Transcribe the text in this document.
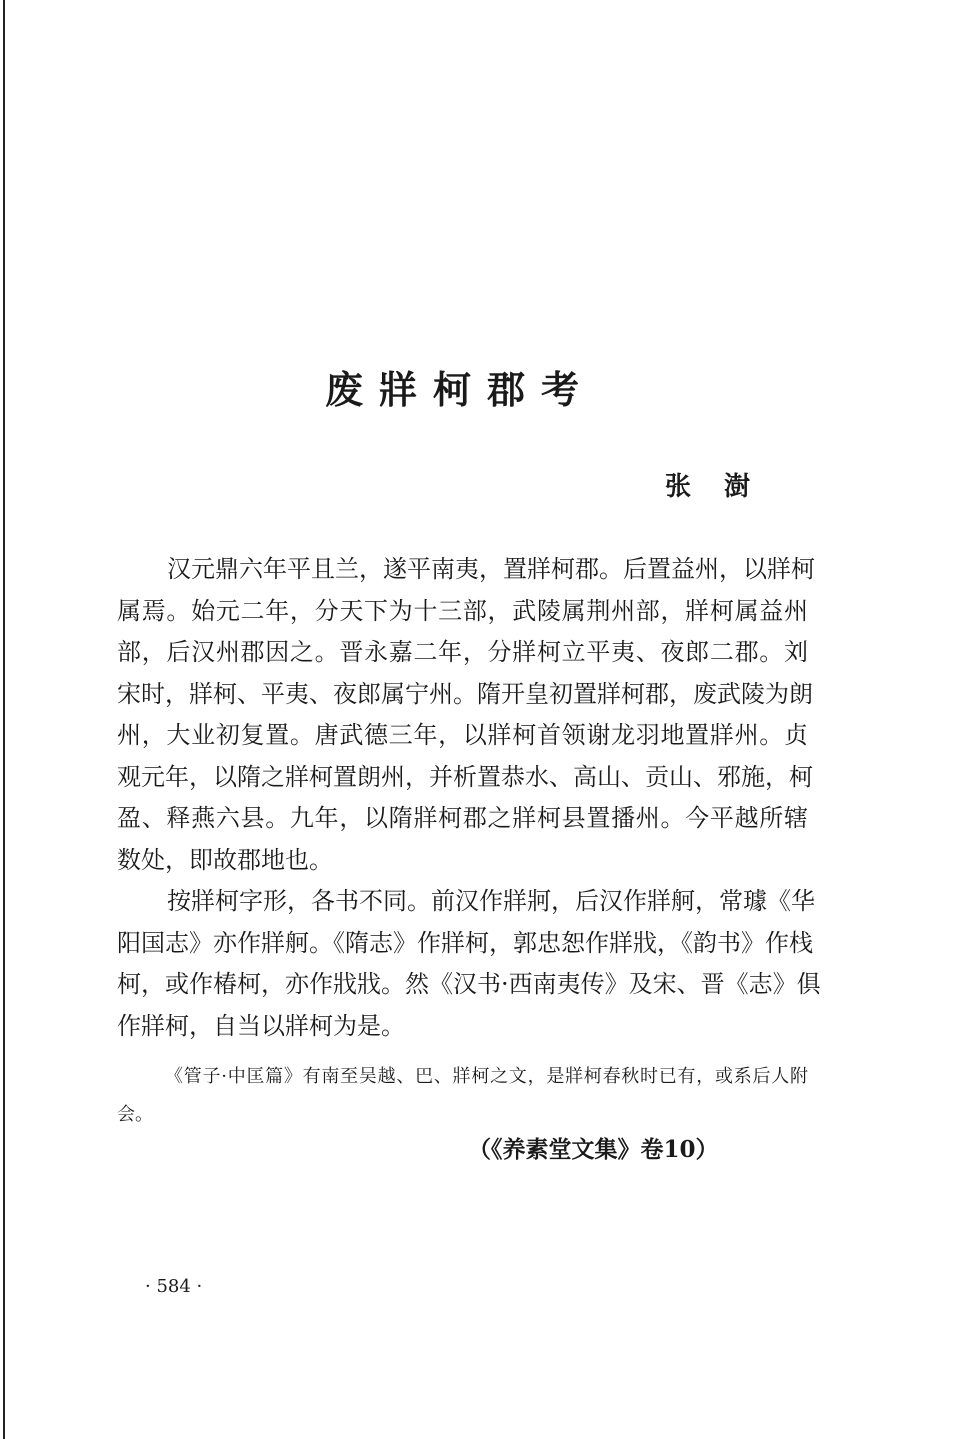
废牂柯郡考
张 澍
汉元鼎六年平且兰，遂平南夷，置牂柯郡。后置益州，以牂柯
属焉。始元二年，分天下为十三部，武陵属荆州部，牂柯属益州
部，后汉州郡因之。晋永嘉二年，分牂柯立平夷、夜郎二郡。刘
宋时，牂柯、平夷、夜郎属宁州。隋开皇初置牂柯郡，废武陵为朗
州，大业初复置。唐武德三年，以牂柯首领谢龙羽地置牂州。贞
观元年，以隋之牂柯置朗州，并析置恭水、高山、贡山、邪施，柯
盈、释燕六县。九年，以隋牂柯郡之牂柯县置播州。今平越所辖
数处，即故郡地也。
按牂柯字形，各书不同。前汉作牂牁，后汉作牂舸，常璩《华
阳国志》亦作牂舸。《隋志》作牂柯，郭忠恕作牂戕，《韵书》作栈
柯，或作椿柯，亦作戕戕。然《汉书·西南夷传》及宋、晋《志》俱
作牂柯，自当以牂柯为是。
《管子·中匡篇》有南至吴越、巴、牂柯之文，是牂柯春秋时已有，或系后人附
会。
（《养素堂文集》卷10）
· 584 ·
